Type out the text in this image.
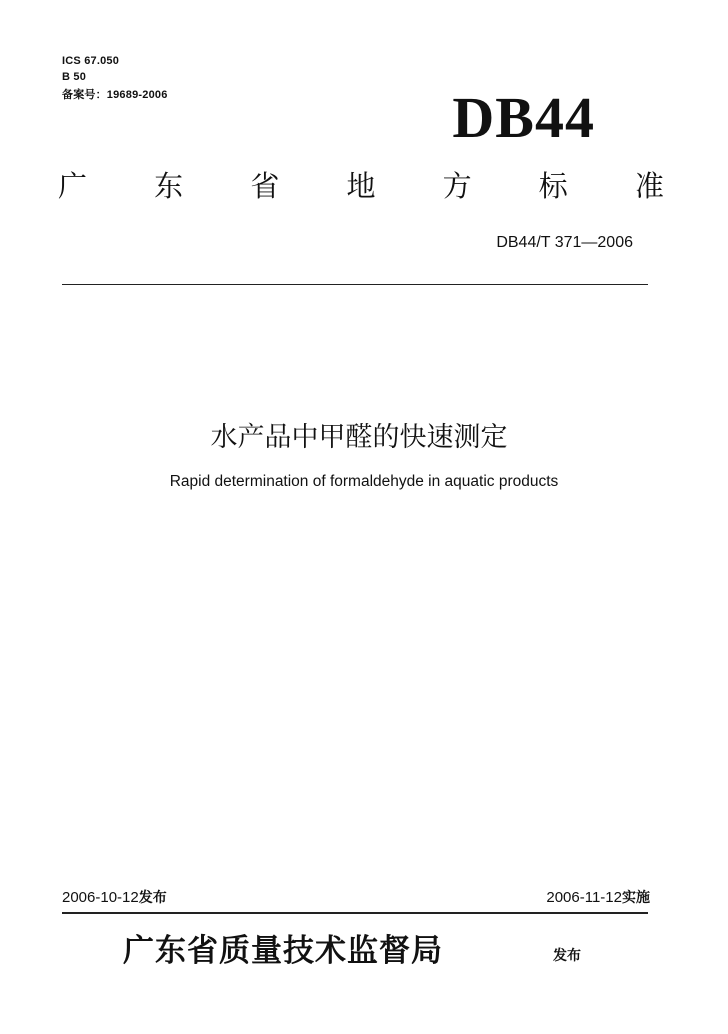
ICS 67.050
B 50
备案号：19689-2006	DB44
广 东 省 地 方 标 准
DB44/T 371—2006
水产品中甲醛的快速测定
Rapid determination of formaldehyde in aquatic products
2006-10-12发布	2006-11-12实施
广东省质量技术监督局	发布
